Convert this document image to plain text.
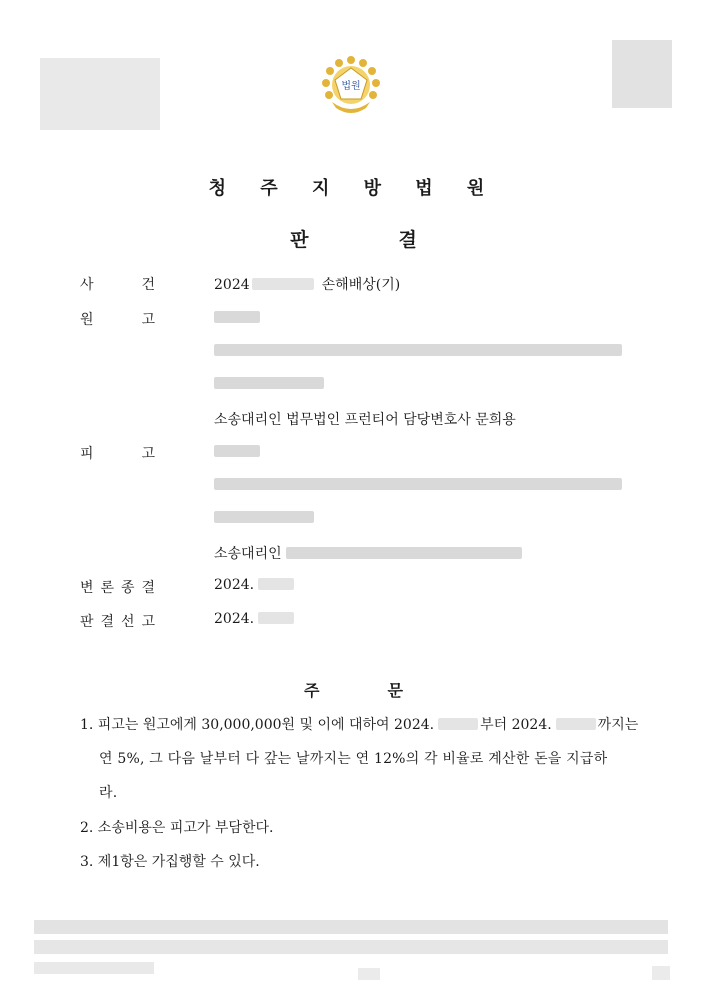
법원
청 주 지 방 법 원
판	결
사	건	2024	손해배상(기)
원	고
소송대리인 법무법인 프런티어 담당변호사 문희용
피	고
소송대리인
변 론 종 결	2024.
판 결 선 고	2024.
주	문
1. 피고는 원고에게 30,000,000원 및 이에 대하여 2024.	부터 2024.	까지는
연 5%, 그 다음 날부터 다 갚는 날까지는 연 12%의 각 비율로 계산한 돈을 지급하
라.
2. 소송비용은 피고가 부담한다.
3. 제1항은 가집행할 수 있다.
